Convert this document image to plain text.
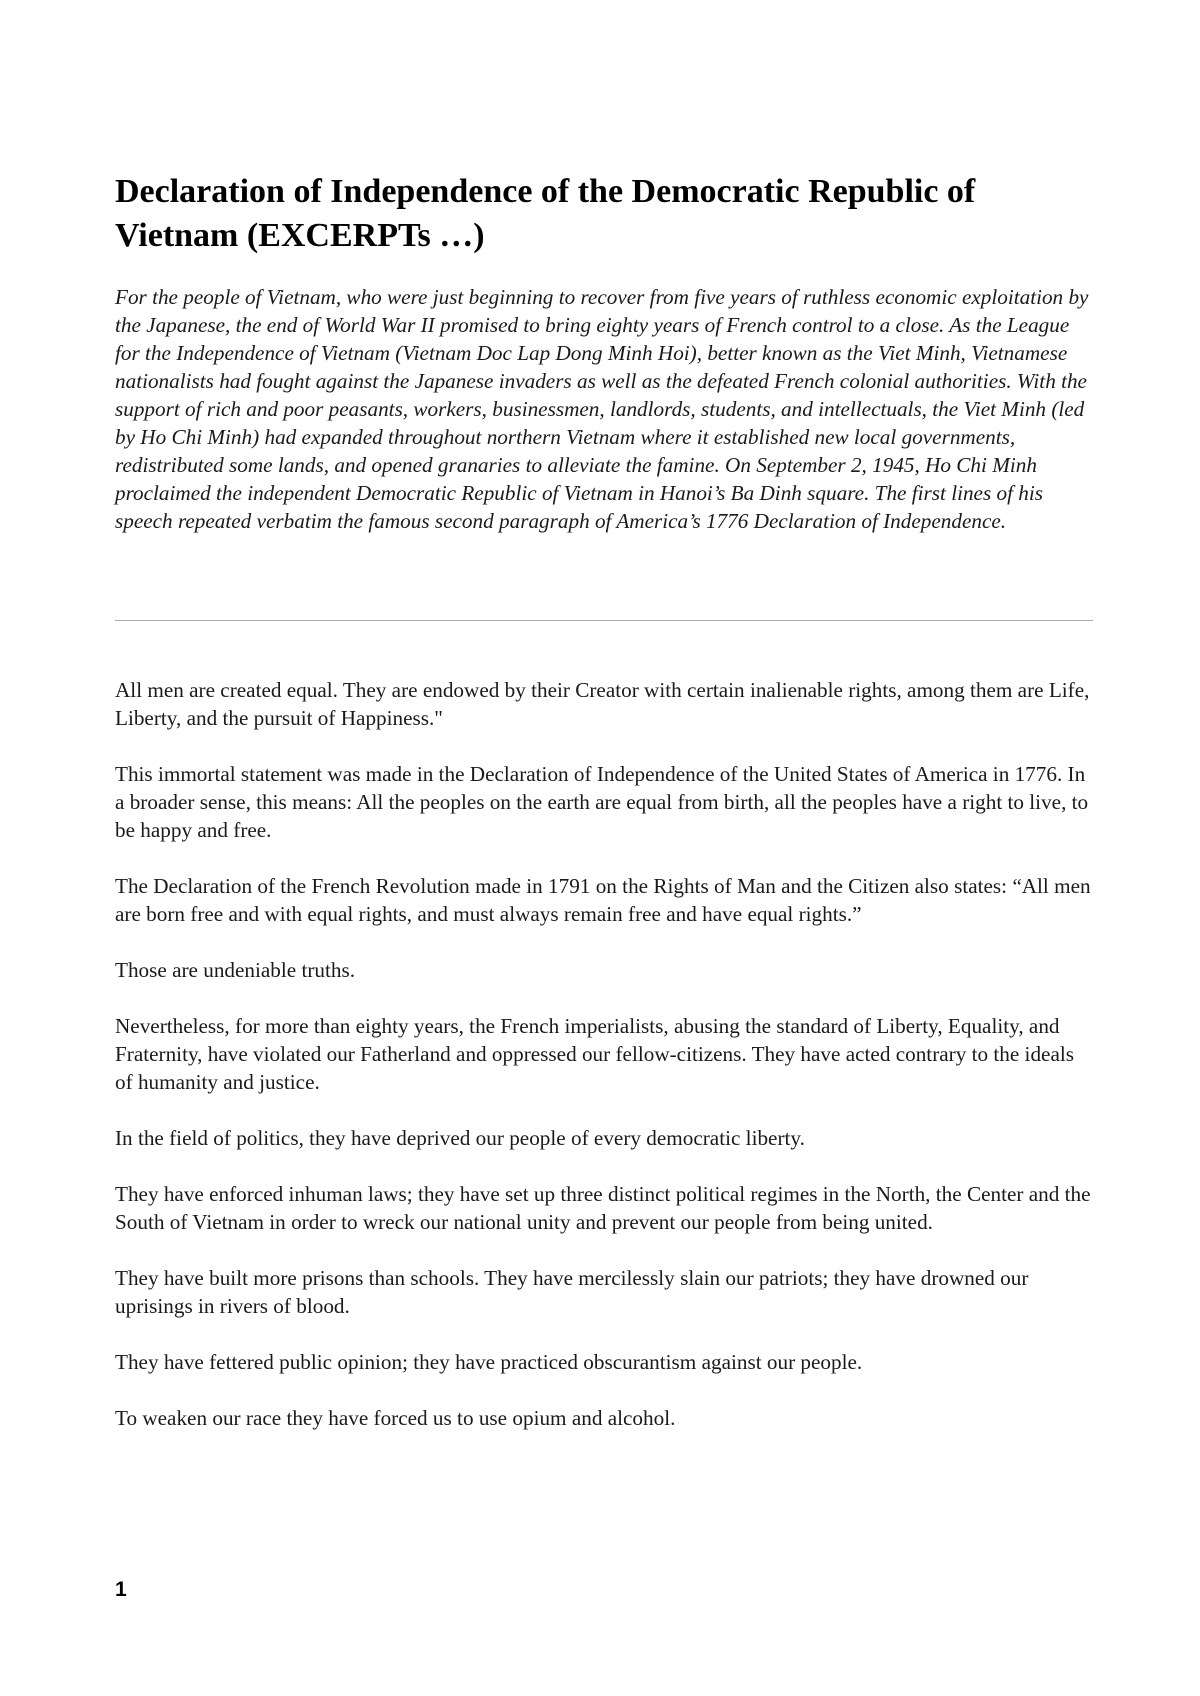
Declaration of Independence of the Democratic Republic of Vietnam (EXCERPTs …)

For the people of Vietnam, who were just beginning to recover from five years of ruthless economic exploitation by the Japanese, the end of World War II promised to bring eighty years of French control to a close. As the League for the Independence of Vietnam (Vietnam Doc Lap Dong Minh Hoi), better known as the Viet Minh, Vietnamese nationalists had fought against the Japanese invaders as well as the defeated French colonial authorities. With the support of rich and poor peasants, workers, businessmen, landlords, students, and intellectuals, the Viet Minh (led by Ho Chi Minh) had expanded throughout northern Vietnam where it established new local governments, redistributed some lands, and opened granaries to alleviate the famine. On September 2, 1945, Ho Chi Minh proclaimed the independent Democratic Republic of Vietnam in Hanoi’s Ba Dinh square. The first lines of his speech repeated verbatim the famous second paragraph of America’s 1776 Declaration of Independence.

All men are created equal. They are endowed by their Creator with certain inalienable rights, among them are Life, Liberty, and the pursuit of Happiness."

This immortal statement was made in the Declaration of Independence of the United States of America in 1776. In a broader sense, this means: All the peoples on the earth are equal from birth, all the peoples have a right to live, to be happy and free.

The Declaration of the French Revolution made in 1791 on the Rights of Man and the Citizen also states: “All men are born free and with equal rights, and must always remain free and have equal rights.”

Those are undeniable truths.

Nevertheless, for more than eighty years, the French imperialists, abusing the standard of Liberty, Equality, and Fraternity, have violated our Fatherland and oppressed our fellow-citizens. They have acted contrary to the ideals of humanity and justice.

In the field of politics, they have deprived our people of every democratic liberty.

They have enforced inhuman laws; they have set up three distinct political regimes in the North, the Center and the South of Vietnam in order to wreck our national unity and prevent our people from being united.

They have built more prisons than schools. They have mercilessly slain our patriots; they have drowned our uprisings in rivers of blood.

They have fettered public opinion; they have practiced obscurantism against our people.

To weaken our race they have forced us to use opium and alcohol.

1
